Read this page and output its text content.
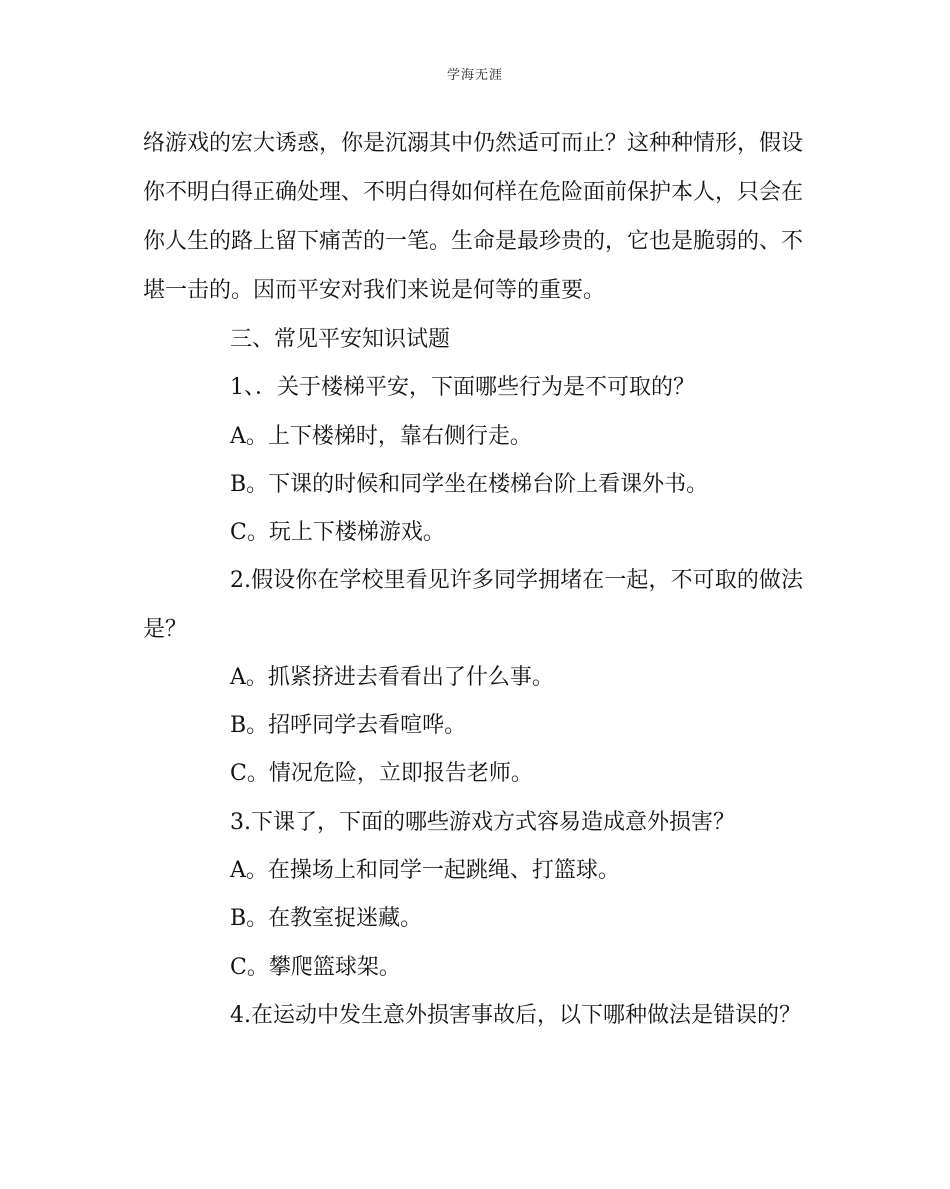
学海无涯
络游戏的宏大诱惑，你是沉溺其中仍然适可而止？这种种情形，假设
你不明白得正确处理、不明白得如何样在危险面前保护本人，只会在
你人生的路上留下痛苦的一笔。生命是最珍贵的，它也是脆弱的、不
堪一击的。因而平安对我们来说是何等的重要。
三、常见平安知识试题
1、．关于楼梯平安，下面哪些行为是不可取的？
A。上下楼梯时，靠右侧行走。
B。下课的时候和同学坐在楼梯台阶上看课外书。
C。玩上下楼梯游戏。
2.假设你在学校里看见许多同学拥堵在一起，不可取的做法
是？
A。抓紧挤进去看看出了什么事。
B。招呼同学去看喧哗。
C。情况危险，立即报告老师。
3.下课了，下面的哪些游戏方式容易造成意外损害？
A。在操场上和同学一起跳绳、打篮球。
B。在教室捉迷藏。
C。攀爬篮球架。
4.在运动中发生意外损害事故后，以下哪种做法是错误的？
